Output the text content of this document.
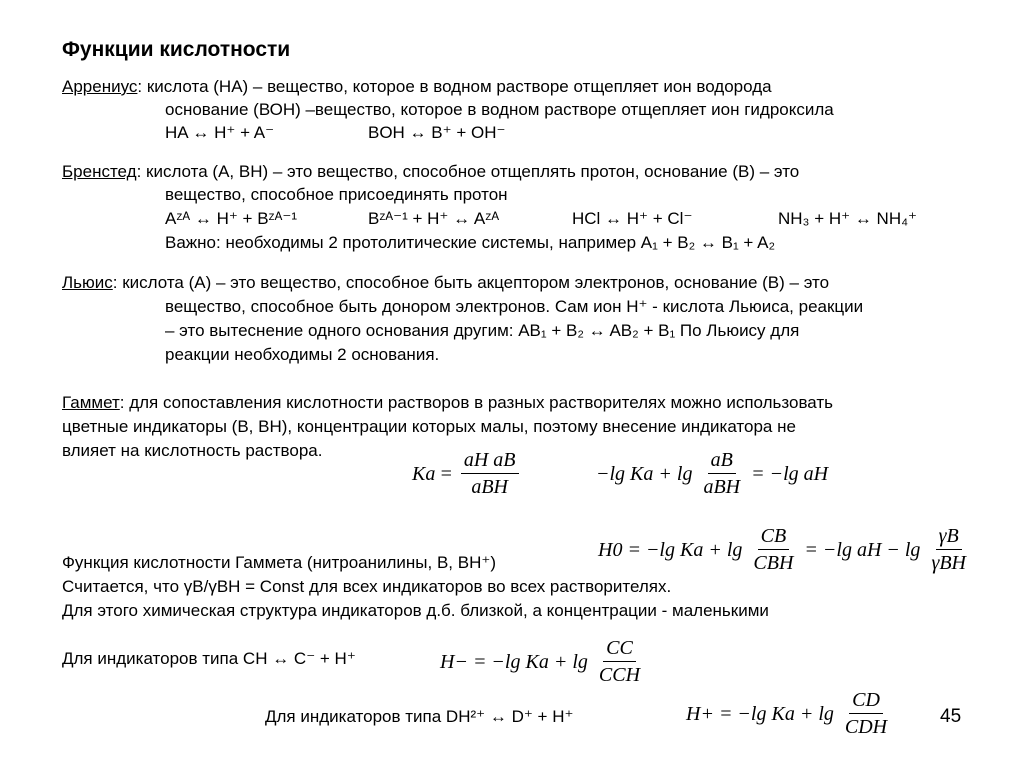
Функции кислотности
Аррениус: кислота (НА) – вещество, которое в водном растворе отщепляет ион водорода
основание (ВОН) –вещество, которое в водном растворе отщепляет ион гидроксила
HA ↔ H⁺ + A⁻	BOH ↔ B⁺ + OH⁻
Бренстед: кислота (А, ВН) – это вещество, способное отщеплять протон, основание (В) – это
вещество, способное присоединять протон
Aᶻᴬ ↔ H⁺ + Bᶻᴬ⁻¹	Bᶻᴬ⁻¹ + H⁺ ↔ Aᶻᴬ	HCl ↔ H⁺ + Cl⁻	NH₃ + H⁺ ↔ NH₄⁺
Важно: необходимы 2 протолитические системы, например A₁ + B₂ ↔ B₁ + A₂
Льюис: кислота (А) – это вещество, способное быть акцептором электронов, основание (В) – это
вещество, способное быть донором электронов. Сам ион Н⁺ - кислота Льюиса, реакции
– это вытеснение одного основания другим: AB₁ + B₂ ↔ AB₂ + B₁ По Льюису для
реакции необходимы 2 основания.
Гаммет: для сопоставления кислотности растворов в разных растворителях можно использовать
цветные индикаторы (В, ВН), концентрации которых малы, поэтому внесение индикатора не
влияет на кислотность раствора.
$Ka = \frac{\text{aH aB}}{\text{aBH}}$	−lg $Ka + \lg \frac{aB}{\text{aBH}} = -\lg$ aH
H0 = −lg $Ka + \lg \frac{CB}{\text{CBH}} = -\lg$ aH − $\lg \frac{\gamma B}{\text{γBH}}$
Функция кислотности Гаммета (нитроанилины, В, ВН⁺)
Считается, что γB/γBH = Const для всех индикаторов во всех растворителях.
Для этого химическая структура индикаторов д.б. близкой, а концентрации - маленькими
Для индикаторов типа CH ↔ C⁻ + H⁺	H− = −lg $Ka + \lg \frac{CC}{\text{CCH}}$
Для индикаторов типа DH²⁺ ↔ D⁺ + H⁺	H+ = −lg $Ka + \lg \frac{CD}{\text{CDH}}$	45
